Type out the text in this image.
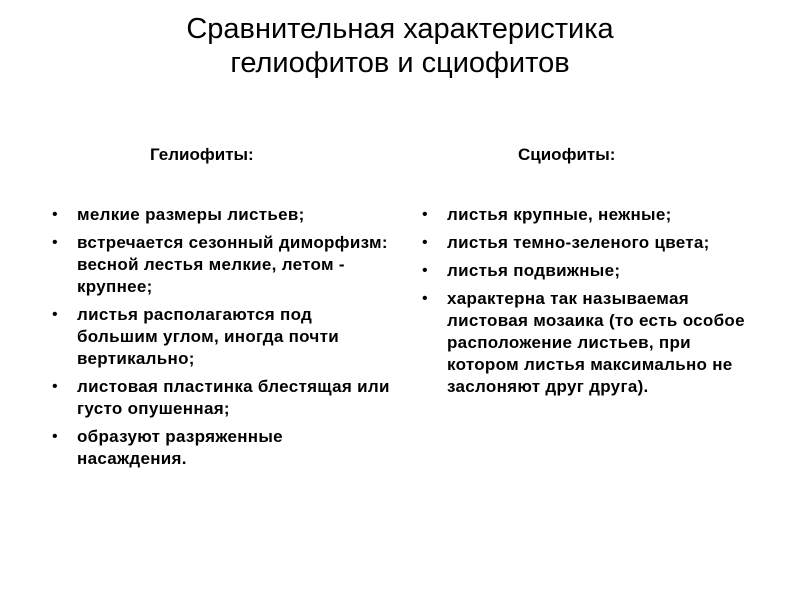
Сравнительная характеристика
гелиофитов и сциофитов
Гелиофиты:
• мелкие размеры листьев;
• встречается сезонный диморфизм: весной лестья мелкие, летом - крупнее;
• листья располагаются под большим углом, иногда почти вертикально;
• листовая пластинка блестящая или густо опушенная;
• образуют разряженные насаждения.
Сциофиты:
• листья крупные, нежные;
• листья темно-зеленого цвета;
• листья подвижные;
• характерна так называемая листовая мозаика (то есть особое расположение листьев, при котором листья максимально не заслоняют друг друга).
